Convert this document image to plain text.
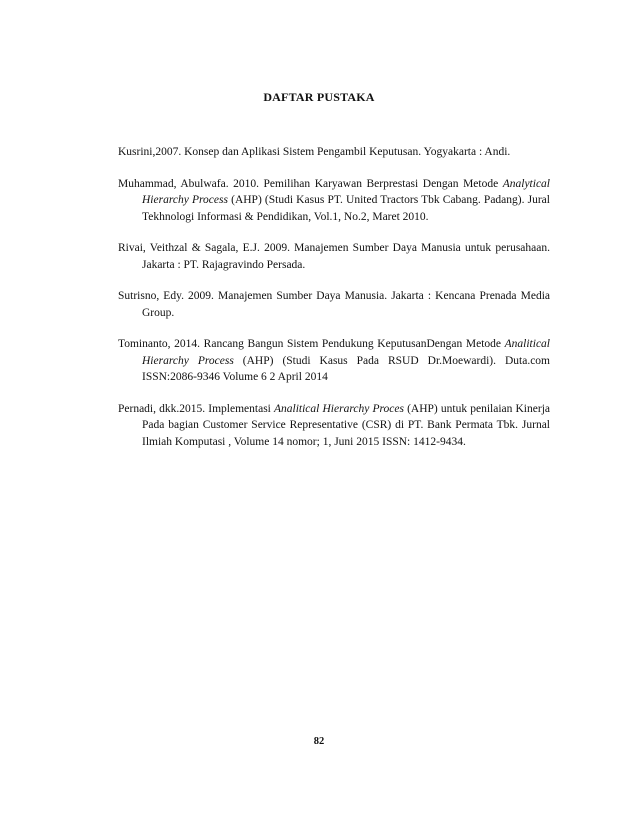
DAFTAR PUSTAKA

Kusrini,2007. Konsep dan Aplikasi Sistem Pengambil Keputusan. Yogyakarta : Andi.

Muhammad, Abulwafa. 2010. Pemilihan Karyawan Berprestasi Dengan Metode Analytical Hierarchy Process (AHP) (Studi Kasus PT. United Tractors Tbk Cabang. Padang). Jural Tekhnologi Informasi & Pendidikan, Vol.1, No.2, Maret 2010.

Rivai, Veithzal & Sagala, E.J. 2009. Manajemen Sumber Daya Manusia untuk perusahaan. Jakarta : PT. Rajagravindo Persada.

Sutrisno, Edy. 2009. Manajemen Sumber Daya Manusia. Jakarta : Kencana Prenada Media Group.

Tominanto, 2014. Rancang Bangun Sistem Pendukung KeputusanDengan Metode Analitical Hierarchy Process (AHP) (Studi Kasus Pada RSUD Dr.Moewardi). Duta.com ISSN:2086-9346 Volume 6 2 April 2014

Pernadi, dkk.2015. Implementasi Analitical Hierarchy Proces (AHP) untuk penilaian Kinerja Pada bagian Customer Service Representative (CSR) di PT. Bank Permata Tbk. Jurnal Ilmiah Komputasi , Volume 14 nomor; 1, Juni 2015 ISSN: 1412-9434.

82
